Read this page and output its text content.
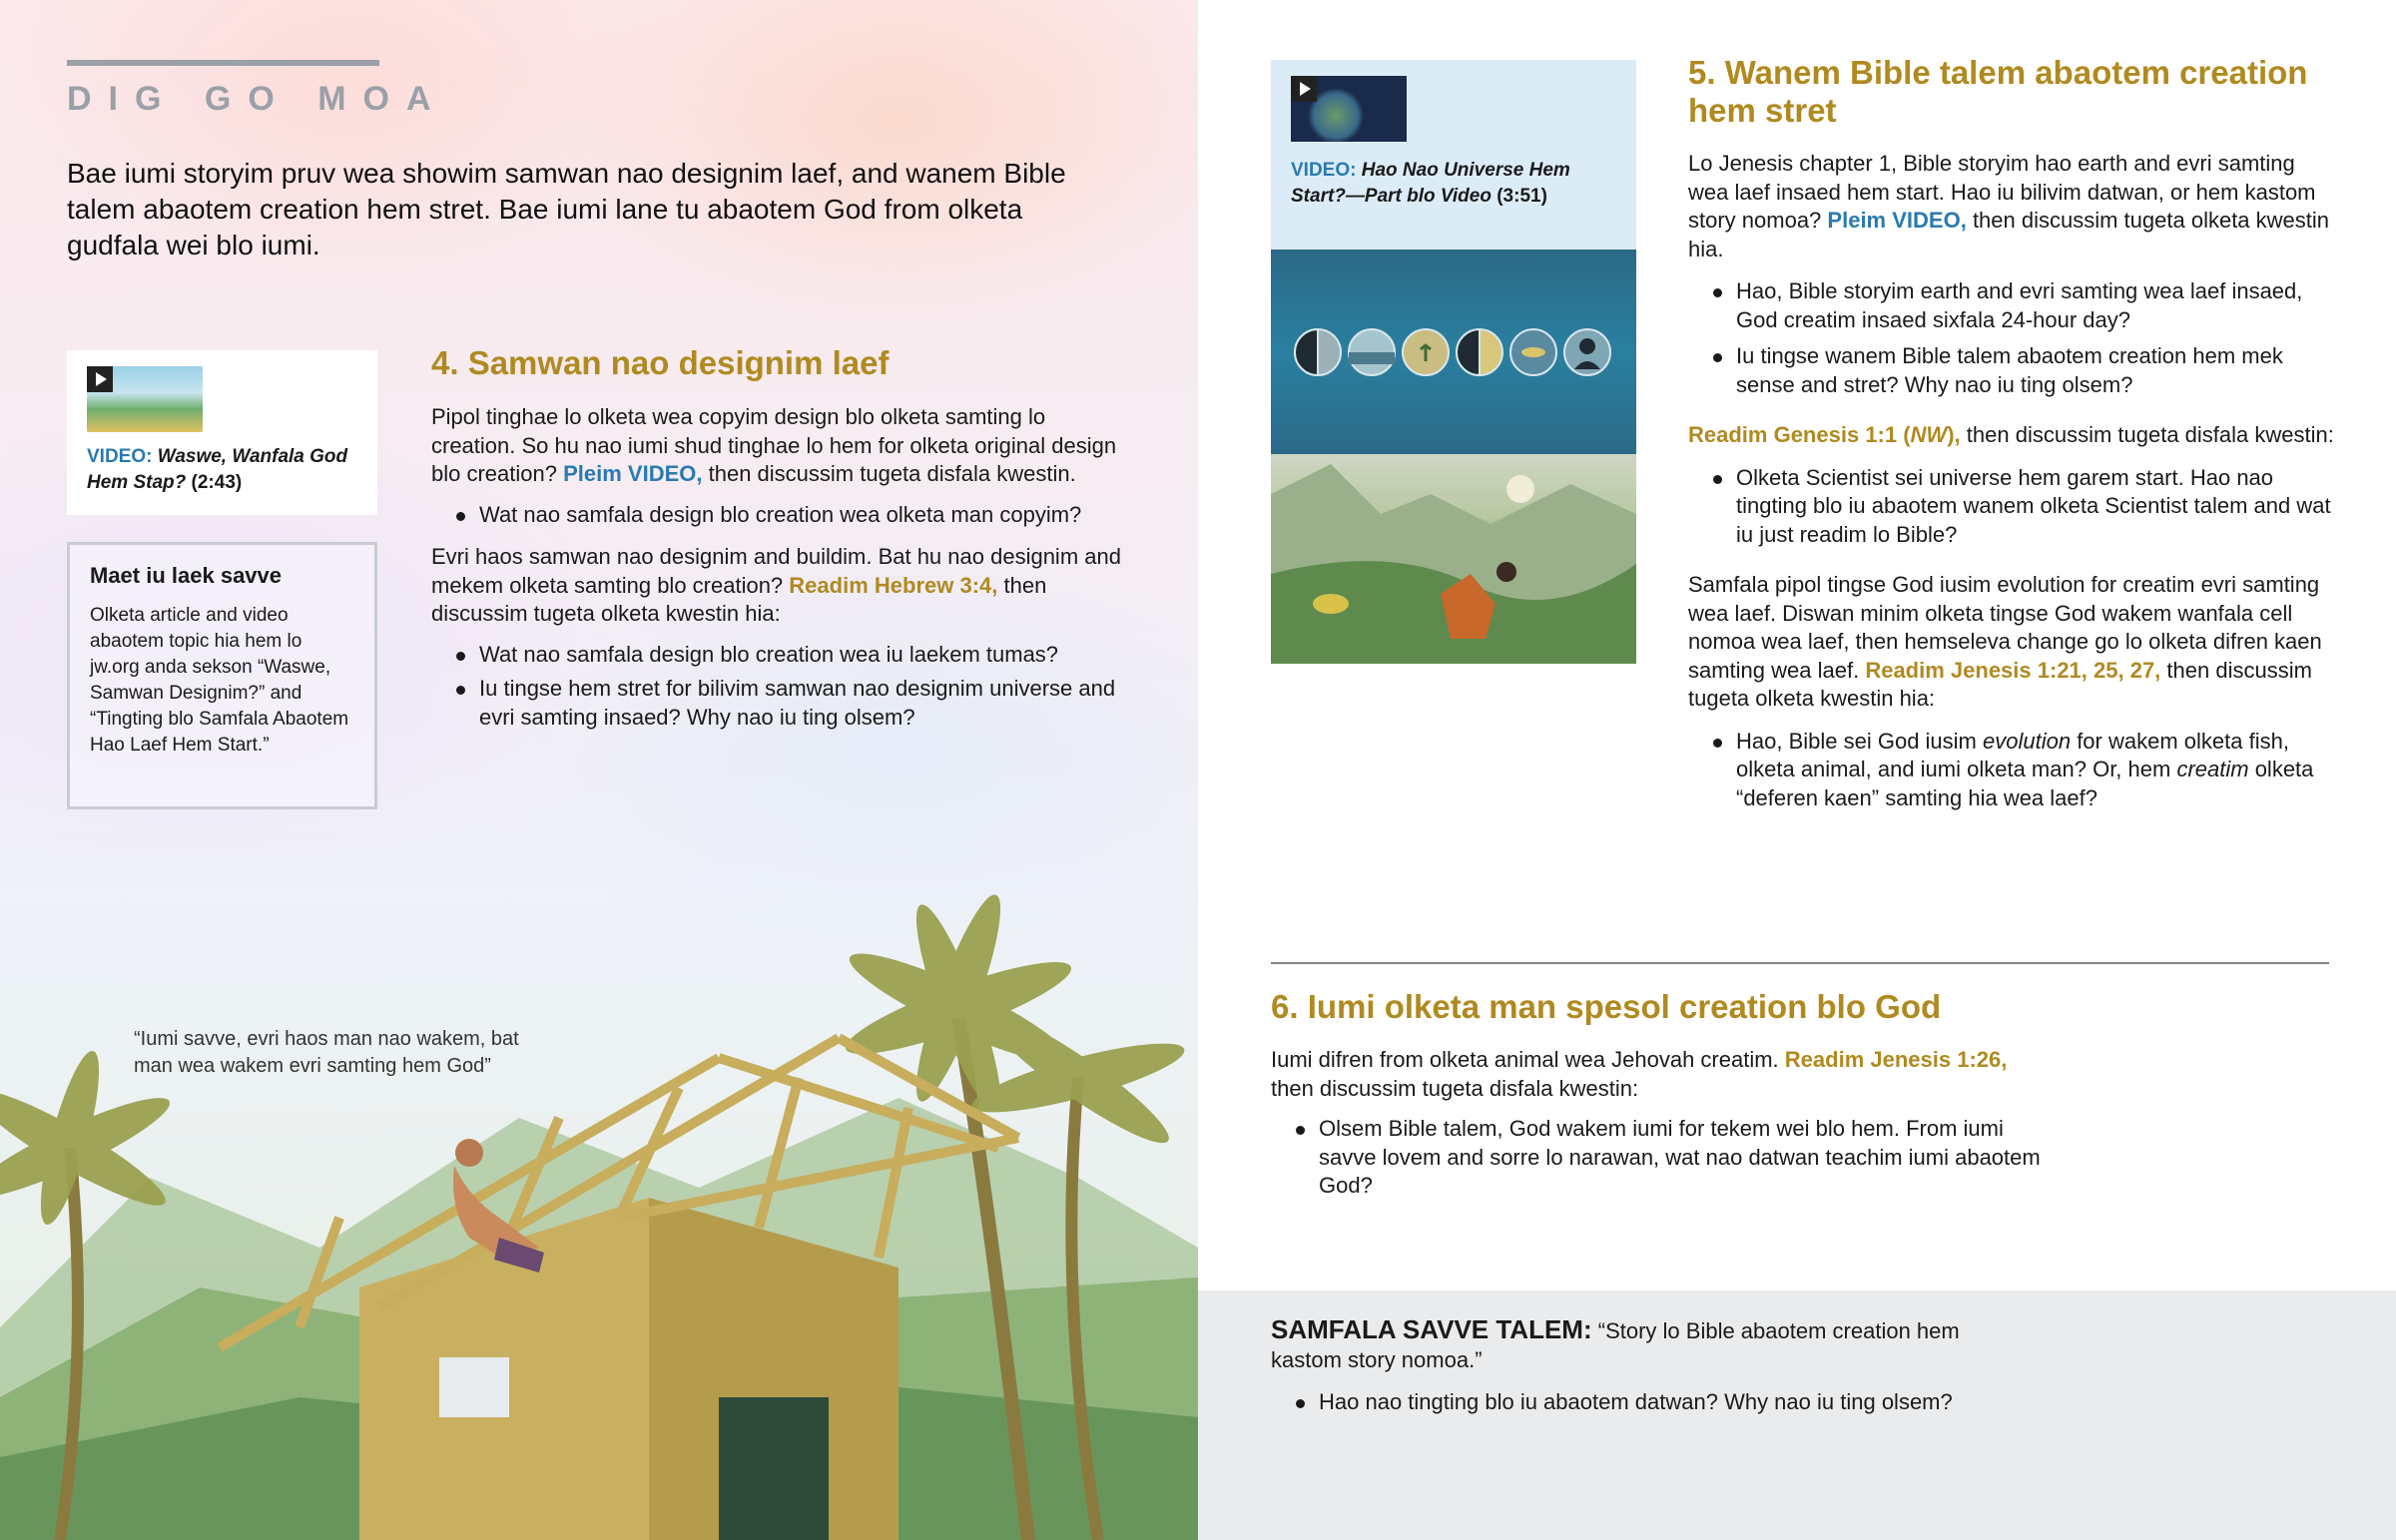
DIG GO MOA

Bae iumi storyim pruv wea showim samwan nao designim laef, and wanem Bible talem abaotem creation hem stret. Bae iumi lane tu abaotem God from olketa gudfala wei blo iumi.

VIDEO: Waswe, Wanfala God Hem Stap? (2:43)
Maet iu laek savve
Olketa article and video abaotem topic hia hem lo jw.org anda sekson “Waswe, Samwan Designim?” and “Tingting blo Samfala Abaotem Hao Laef Hem Start.”
4. Samwan nao designim laef

Pipol tinghae lo olketa wea copyim design blo olketa samting lo creation. So hu nao iumi shud tinghae lo hem for olketa original design blo creation? Pleim VIDEO, then discussim tugeta disfala kwestin.

Wat nao samfala design blo creation wea olketa man copyim?

Evri haos samwan nao designim and buildim. Bat hu nao designim and mekem olketa samting blo creation? Readim Hebrew 3:4, then discussim tugeta olketa kwestin hia:

Wat nao samfala design blo creation wea iu laekem tumas?
Iu tingse hem stret for bilivim samwan nao designim universe and evri samting insaed? Why nao iu ting olsem?

“Iumi savve, evri haos man nao wakem, bat man wea wakem evri samting hem God”

VIDEO: Hao Nao Universe Hem Start?—Part blo Video (3:51)
5. Wanem Bible talem abaotem creation hem stret

Lo Jenesis chapter 1, Bible storyim hao earth and evri samting wea laef insaed hem start. Hao iu bilivim datwan, or hem kastom story nomoa? Pleim VIDEO, then discussim tugeta olketa kwestin hia.

Hao, Bible storyim earth and evri samting wea laef insaed, God creatim insaed sixfala 24-hour day?
Iu tingse wanem Bible talem abaotem creation hem mek sense and stret? Why nao iu ting olsem?

Readim Genesis 1:1 (NW), then discussim tugeta disfala kwestin:

Olketa Scientist sei universe hem garem start. Hao nao tingting blo iu abaotem wanem olketa Scientist talem and wat iu just readim lo Bible?

Samfala pipol tingse God iusim evolution for creatim evri samting wea laef. Diswan minim olketa tingse God wakem wanfala cell nomoa wea laef, then hemseleva change go lo olketa difren kaen samting wea laef. Readim Jenesis 1:21, 25, 27, then discussim tugeta olketa kwestin hia:

Hao, Bible sei God iusim evolution for wakem olketa fish, olketa animal, and iumi olketa man? Or, hem creatim olketa “deferen kaen” samting hia wea laef?
6. Iumi olketa man spesol creation blo God

Iumi difren from olketa animal wea Jehovah creatim. Readim Jenesis 1:26, then discussim tugeta disfala kwestin:

Olsem Bible talem, God wakem iumi for tekem wei blo hem. From iumi savve lovem and sorre lo narawan, wat nao datwan teachim iumi abaotem God?

SAMFALA SAVVE TALEM: “Story lo Bible abaotem creation hem kastom story nomoa.”

Hao nao tingting blo iu abaotem datwan? Why nao iu ting olsem?
